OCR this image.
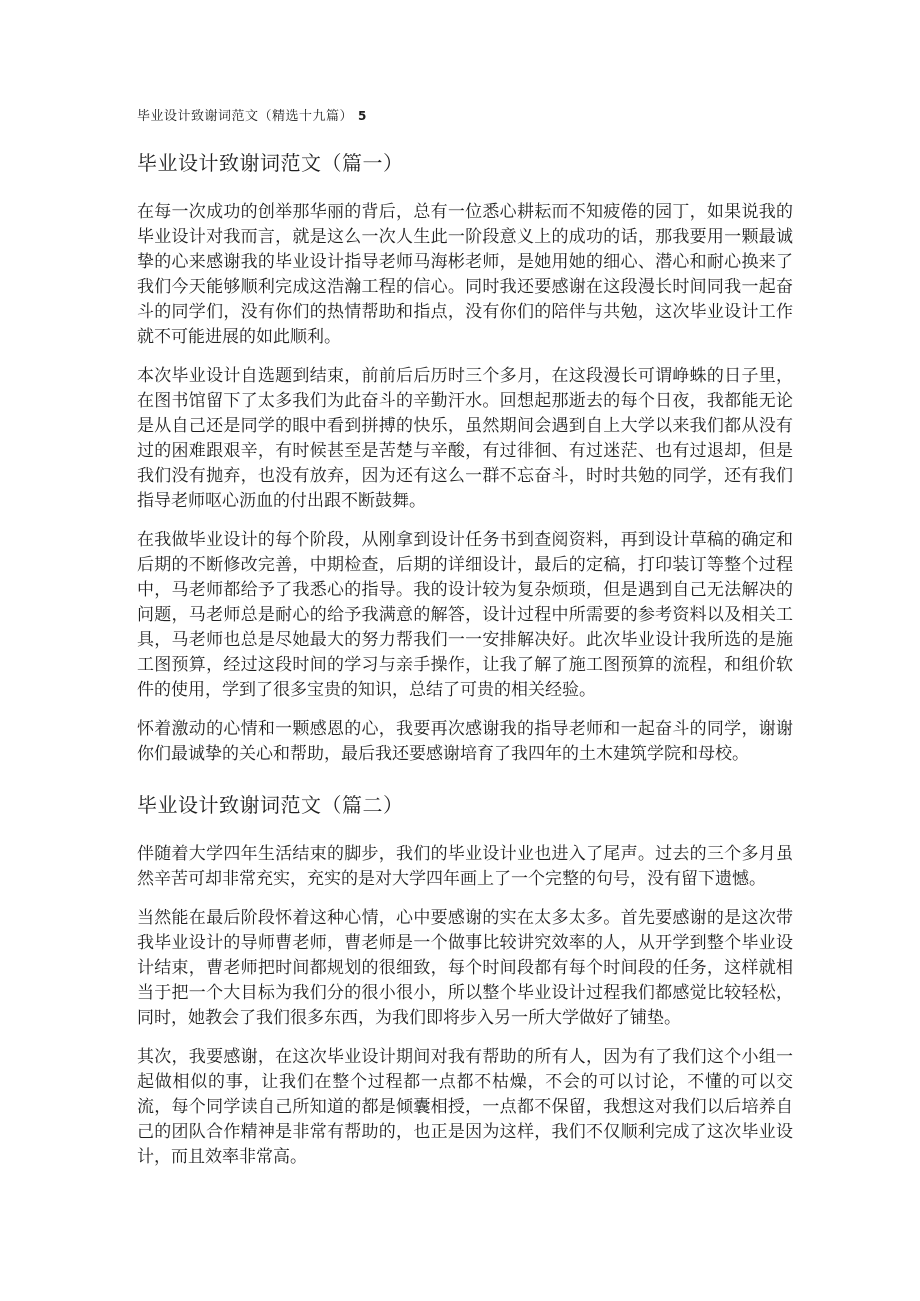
毕业设计致谢词范文（精选十九篇） 5
毕业设计致谢词范文（篇一）

在每一次成功的创举那华丽的背后，总有一位悉心耕耘而不知疲倦的园丁，如果说我的毕业设计对我而言，就是这么一次人生此一阶段意义上的成功的话，那我要用一颗最诚挚的心来感谢我的毕业设计指导老师马海彬老师，是她用她的细心、潜心和耐心换来了我们今天能够顺利完成这浩瀚工程的信心。同时我还要感谢在这段漫长时间同我一起奋斗的同学们，没有你们的热情帮助和指点，没有你们的陪伴与共勉，这次毕业设计工作就不可能进展的如此顺利。

本次毕业设计自选题到结束，前前后后历时三个多月，在这段漫长可谓峥蛛的日子里，在图书馆留下了太多我们为此奋斗的辛勤汗水。回想起那逝去的每个日夜，我都能无论是从自己还是同学的眼中看到拼搏的快乐，虽然期间会遇到自上大学以来我们都从没有过的困难跟艰辛，有时候甚至是苦楚与辛酸，有过徘徊、有过迷茫、也有过退却，但是我们没有抛弃，也没有放弃，因为还有这么一群不忘奋斗，时时共勉的同学，还有我们指导老师呕心沥血的付出跟不断鼓舞。

在我做毕业设计的每个阶段，从刚拿到设计任务书到查阅资料，再到设计草稿的确定和后期的不断修改完善，中期检查，后期的详细设计，最后的定稿，打印装订等整个过程中，马老师都给予了我悉心的指导。我的设计较为复杂烦琐，但是遇到自己无法解决的问题，马老师总是耐心的给予我满意的解答，设计过程中所需要的参考资料以及相关工具，马老师也总是尽她最大的努力帮我们一一安排解决好。此次毕业设计我所选的是施工图预算，经过这段时间的学习与亲手操作，让我了解了施工图预算的流程，和组价软件的使用，学到了很多宝贵的知识，总结了可贵的相关经验。

怀着激动的心情和一颗感恩的心，我要再次感谢我的指导老师和一起奋斗的同学，谢谢你们最诚挚的关心和帮助，最后我还要感谢培育了我四年的土木建筑学院和母校。

毕业设计致谢词范文（篇二）

伴随着大学四年生活结束的脚步，我们的毕业设计业也进入了尾声。过去的三个多月虽然辛苦可却非常充实，充实的是对大学四年画上了一个完整的句号，没有留下遗憾。

当然能在最后阶段怀着这种心情，心中要感谢的实在太多太多。首先要感谢的是这次带我毕业设计的导师曹老师，曹老师是一个做事比较讲究效率的人，从开学到整个毕业设计结束，曹老师把时间都规划的很细致，每个时间段都有每个时间段的任务，这样就相当于把一个大目标为我们分的很小很小，所以整个毕业设计过程我们都感觉比较轻松，同时，她教会了我们很多东西，为我们即将步入另一所大学做好了铺垫。

其次，我要感谢，在这次毕业设计期间对我有帮助的所有人，因为有了我们这个小组一起做相似的事，让我们在整个过程都一点都不枯燥，不会的可以讨论，不懂的可以交流，每个同学读自己所知道的都是倾囊相授，一点都不保留，我想这对我们以后培养自己的团队合作精神是非常有帮助的，也正是因为这样，我们不仅顺利完成了这次毕业设计，而且效率非常高。
